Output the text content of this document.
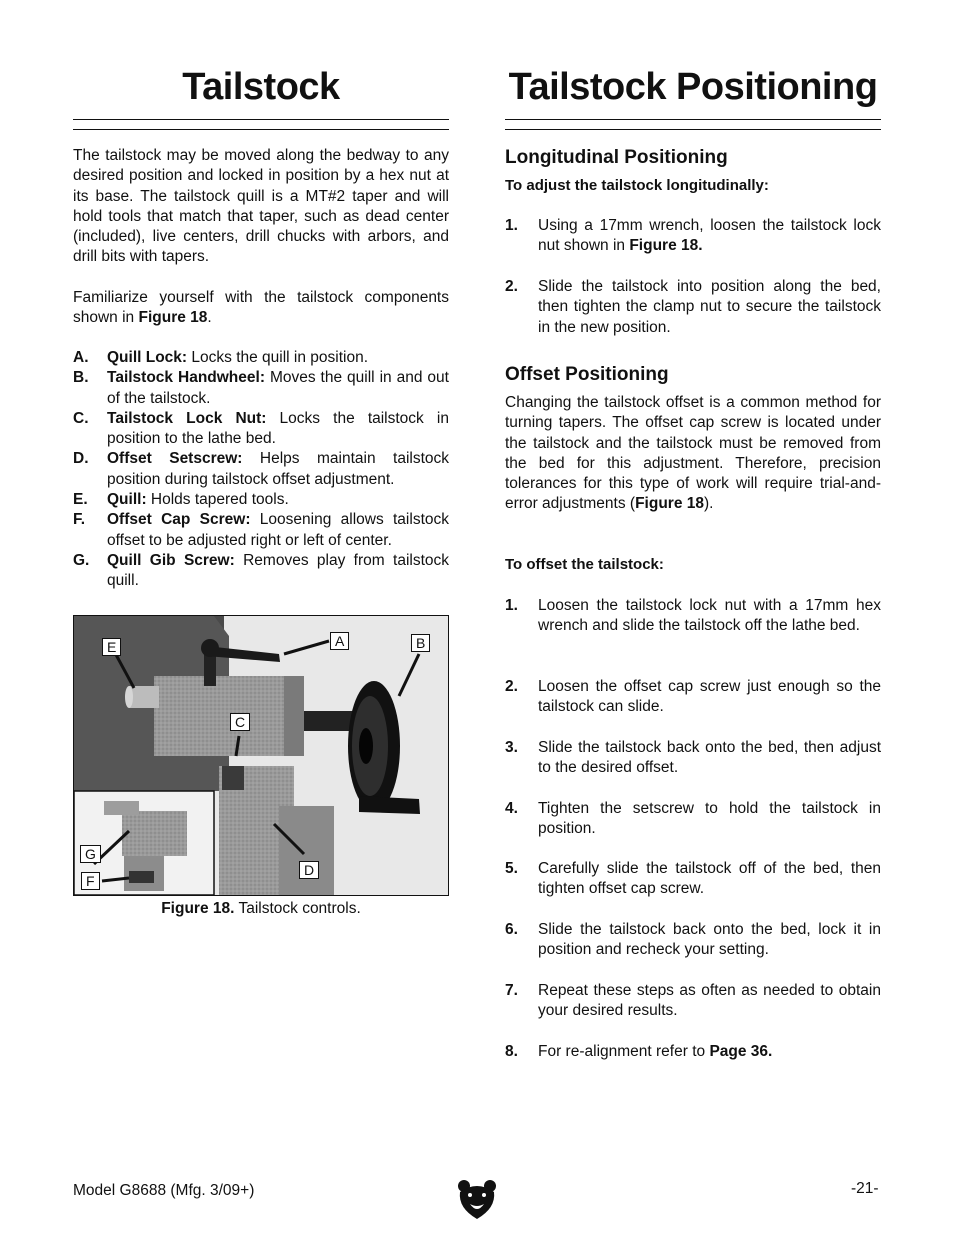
Tailstock

The tailstock may be moved along the bedway to any desired position and locked in position by a hex nut at its base. The tailstock quill is a MT#2 taper and will hold tools that match that taper, such as dead center (included), live centers, drill chucks with arbors, and drill bits with tapers.

Familiarize yourself with the tailstock components shown in Figure 18.

A.	Quill Lock: Locks the quill in position.
B.	Tailstock Handwheel: Moves the quill in and out of the tailstock.
C.	Tailstock Lock Nut: Locks the tailstock in position to the lathe bed.
D.	Offset Setscrew: Helps maintain tailstock position during tailstock offset adjustment.
E.	Quill: Holds tapered tools.
F.	Offset Cap Screw: Loosening allows tailstock offset to be adjusted right or left of center.
G.	Quill Gib Screw: Removes play from tailstock quill.
A	B
C
D
E
F
G
Figure 18. Tailstock controls.
Tailstock Positioning
Longitudinal Positioning

To adjust the tailstock longitudinally:

1.	Using a 17mm wrench, loosen the tailstock lock nut shown in Figure 18.
2.	Slide the tailstock into position along the bed, then tighten the clamp nut to secure the tailstock in the new position.
Offset Positioning

Changing the tailstock offset is a common method for turning tapers. The offset cap screw is located under the tailstock and the tailstock must be removed from the bed for this adjustment. Therefore, precision tolerances for this type of work will require trial-and-error adjustments (Figure 18).

To offset the tailstock:

1.	Loosen the tailstock lock nut with a 17mm hex wrench and slide the tailstock off the lathe bed.
2.	Loosen the offset cap screw just enough so the tailstock can slide.
3.	Slide the tailstock back onto the bed, then adjust to the desired offset.
4.	Tighten the setscrew to hold the tailstock in position.
5.	Carefully slide the tailstock off of the bed, then tighten offset cap screw.
6.	Slide the tailstock back onto the bed, lock it in position and recheck your setting.
7.	Repeat these steps as often as needed to obtain your desired results.
8.	For re-alignment refer to Page 36.
Model G8688 (Mfg. 3/09+)	-21-
